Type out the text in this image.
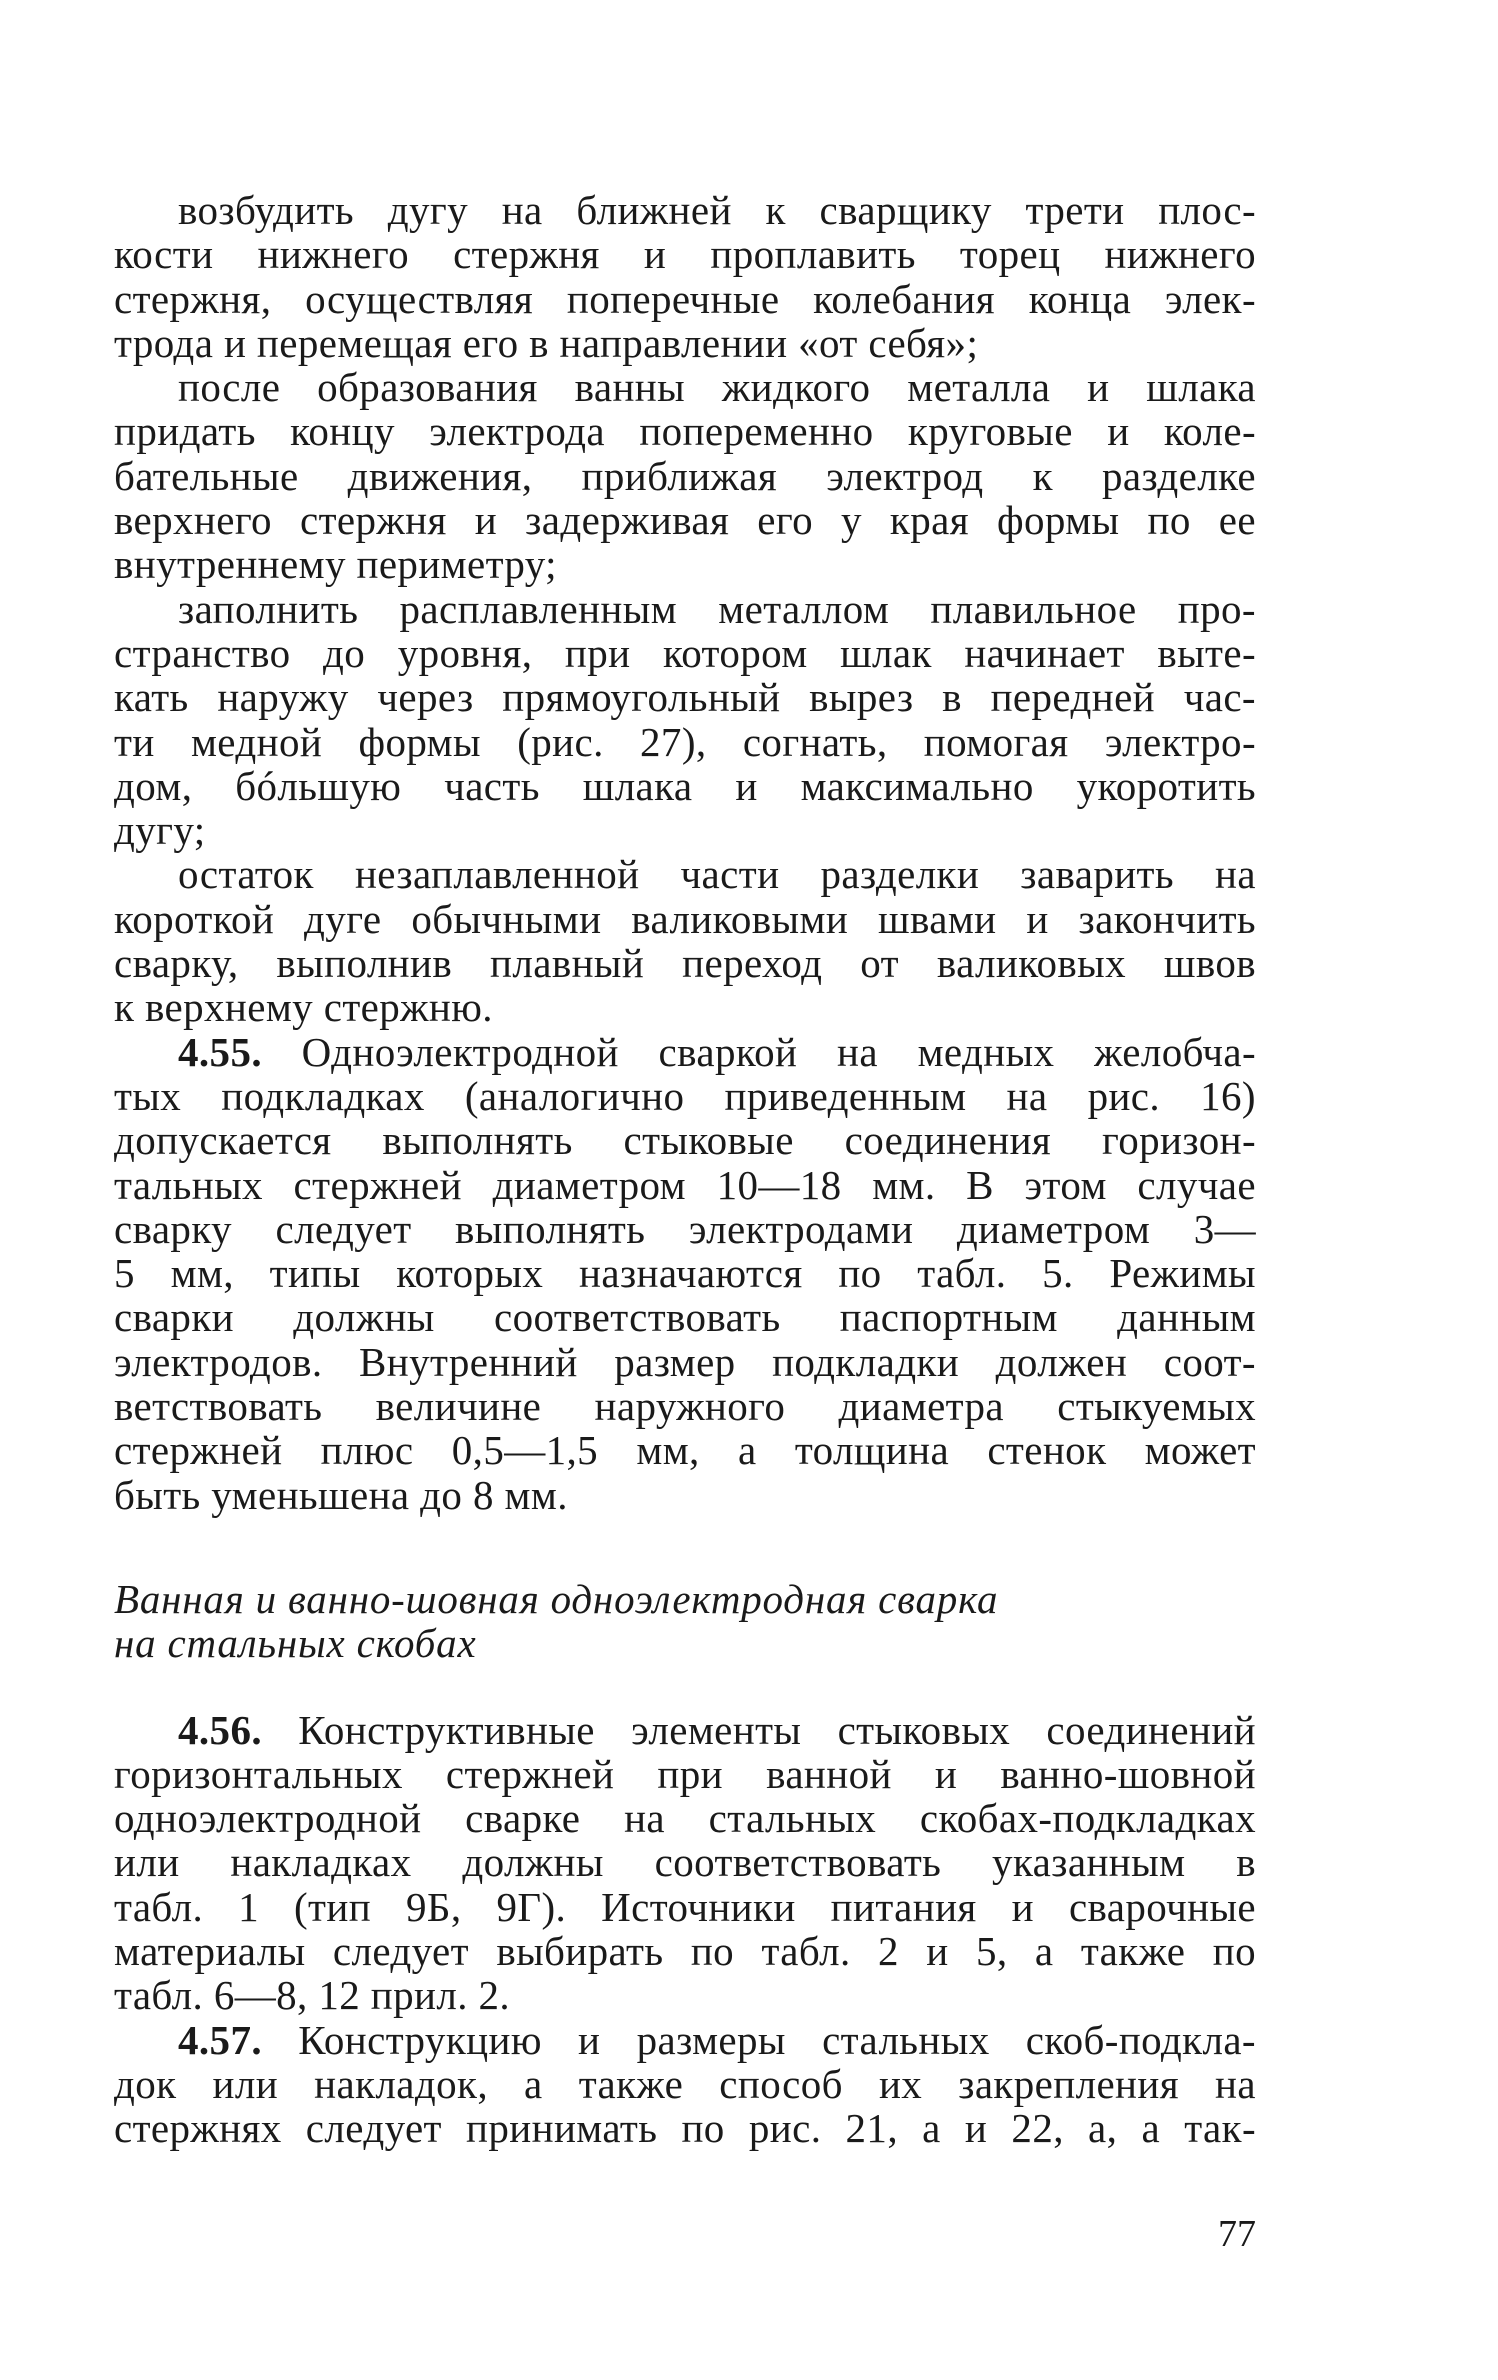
возбудить дугу на ближней к сварщику трети плос-
кости нижнего стержня и проплавить торец нижнего
стержня, осуществляя поперечные колебания конца элек-
трода и перемещая его в направлении «от себя»;
после образования ванны жидкого металла и шлака
придать концу электрода попеременно круговые и коле-
бательные движения, приближая электрод к разделке
верхнего стержня и задерживая его у края формы по ее
внутреннему периметру;
заполнить расплавленным металлом плавильное про-
странство до уровня, при котором шлак начинает выте-
кать наружу через прямоугольный вырез в передней час-
ти медной формы (рис. 27), согнать, помогая электро-
дом, бóльшую часть шлака и максимально укоротить
дугу;
остаток незаплавленной части разделки заварить на
короткой дуге обычными валиковыми швами и закончить
сварку, выполнив плавный переход от валиковых швов
к верхнему стержню.
4.55. Одноэлектродной сваркой на медных желобча-
тых подкладках (аналогично приведенным на рис. 16)
допускается выполнять стыковые соединения горизон-
тальных стержней диаметром 10—18 мм. В этом случае
сварку следует выполнять электродами диаметром 3—
5 мм, типы которых назначаются по табл. 5. Режимы
сварки должны соответствовать паспортным данным
электродов. Внутренний размер подкладки должен соот-
ветствовать величине наружного диаметра стыкуемых
стержней плюс 0,5—1,5 мм, а толщина стенок может
быть уменьшена до 8 мм.
Ванная и ванно-шовная одноэлектродная сварка
на стальных скобах
4.56. Конструктивные элементы стыковых соединений
горизонтальных стержней при ванной и ванно-шовной
одноэлектродной сварке на стальных скобах-подкладках
или накладках должны соответствовать указанным в
табл. 1 (тип 9Б, 9Г). Источники питания и сварочные
материалы следует выбирать по табл. 2 и 5, а также по
табл. 6—8, 12 прил. 2.
4.57. Конструкцию и размеры стальных скоб-подкла-
док или накладок, а также способ их закрепления на
стержнях следует принимать по рис. 21, а и 22, а, а так-
77
